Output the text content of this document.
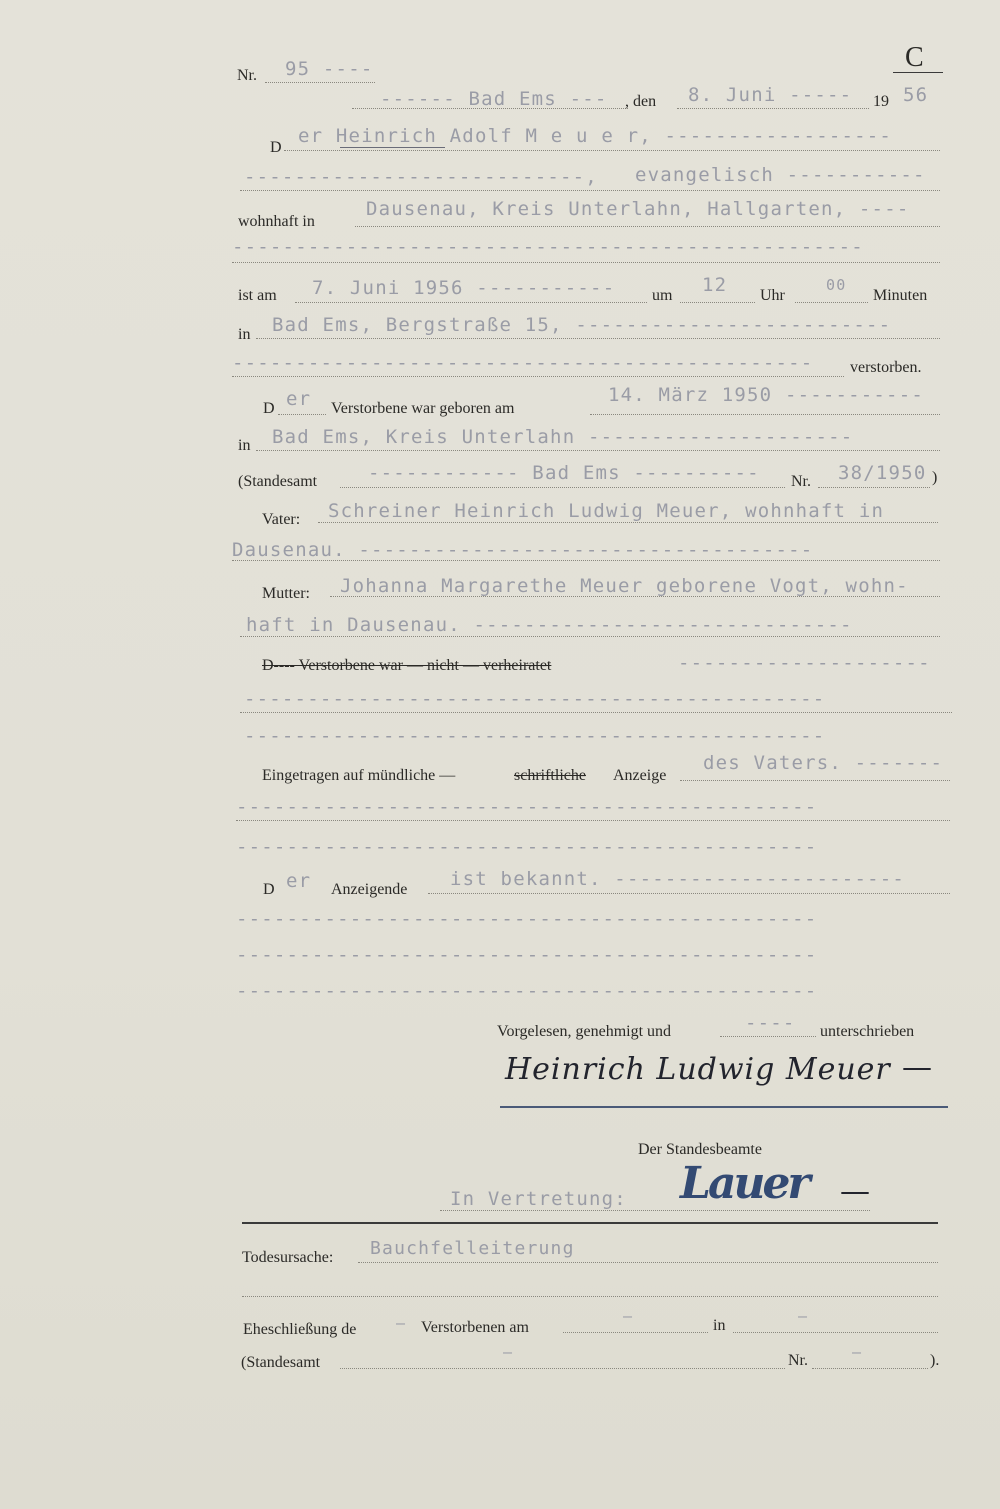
Nr. 95 ----	C
------ Bad Ems --- , den 8. Juni ----- 19 56
D
er Heinrich Adolf M e u e r, ------------------
---------------------------, evangelisch -----------
wohnhaft in
Dausenau, Kreis Unterlahn, Hallgarten, ----
--------------------------------------------------
ist am 7. Juni 1956 ----------- um 12 Uhr
00
Minuten
in Bad Ems, Bergstraße 15, -------------------------
---------------------------------------------- verstorben.
D er Verstorbene war geboren am
14. März 1950 -----------
in Bad Ems, Kreis Unterlahn ---------------------
(Standesamt	------------ Bad Ems ---------- Nr. 38/1950 )
Vater: Schreiner Heinrich Ludwig Meuer, wohnhaft in
Dausenau. ------------------------------------
Mutter: Johanna Margarethe Meuer geborene Vogt, wohn-
haft in Dausenau. ------------------------------
D---- Verstorbene war — nicht — verheiratet	--------------------
----------------------------------------------
----------------------------------------------
Eingetragen auf mündliche —	schriftliche Anzeige
des Vaters. -------
----------------------------------------------
----------------------------------------------
D er Anzeigende ist bekannt. -----------------------
----------------------------------------------
----------------------------------------------
----------------------------------------------
Vorgelesen, genehmigt und	---- unterschrieben
Heinrich Ludwig Meuer —
Der Standesbeamte
In Vertretung: Lauer —
Todesursache: Bauchfelleiterung
Eheschließung de	– Verstorbenen am
–
in
–
(Standesamt
–	Nr.	–	).
